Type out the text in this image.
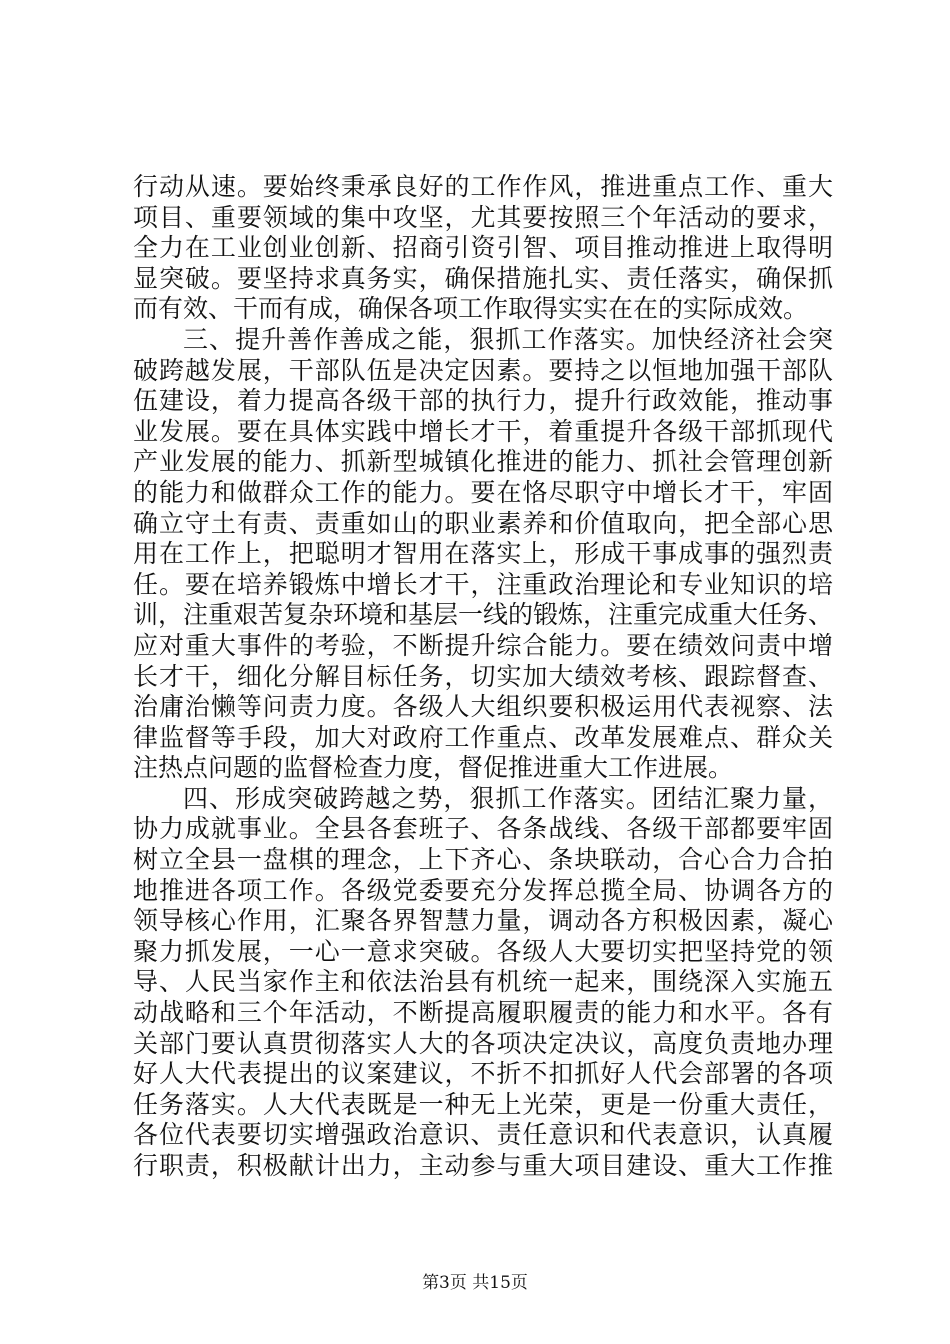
行动从速。要始终秉承良好的工作作风，推进重点工作、重大
项目、重要领域的集中攻坚，尤其要按照三个年活动的要求，
全力在工业创业创新、招商引资引智、项目推动推进上取得明
显突破。要坚持求真务实，确保措施扎实、责任落实，确保抓
而有效、干而有成，确保各项工作取得实实在在的实际成效。
三、提升善作善成之能，狠抓工作落实。加快经济社会突
破跨越发展，干部队伍是决定因素。要持之以恒地加强干部队
伍建设，着力提高各级干部的执行力，提升行政效能，推动事
业发展。要在具体实践中增长才干，着重提升各级干部抓现代
产业发展的能力、抓新型城镇化推进的能力、抓社会管理创新
的能力和做群众工作的能力。要在恪尽职守中增长才干，牢固
确立守土有责、责重如山的职业素养和价值取向，把全部心思
用在工作上，把聪明才智用在落实上，形成干事成事的强烈责
任。要在培养锻炼中增长才干，注重政治理论和专业知识的培
训，注重艰苦复杂环境和基层一线的锻炼，注重完成重大任务、
应对重大事件的考验，不断提升综合能力。要在绩效问责中增
长才干，细化分解目标任务，切实加大绩效考核、跟踪督查、
治庸治懒等问责力度。各级人大组织要积极运用代表视察、法
律监督等手段，加大对政府工作重点、改革发展难点、群众关
注热点问题的监督检查力度，督促推进重大工作进展。
四、形成突破跨越之势，狠抓工作落实。团结汇聚力量，
协力成就事业。全县各套班子、各条战线、各级干部都要牢固
树立全县一盘棋的理念，上下齐心、条块联动，合心合力合拍
地推进各项工作。各级党委要充分发挥总揽全局、协调各方的
领导核心作用，汇聚各界智慧力量，调动各方积极因素，凝心
聚力抓发展，一心一意求突破。各级人大要切实把坚持党的领
导、人民当家作主和依法治县有机统一起来，围绕深入实施五
动战略和三个年活动，不断提高履职履责的能力和水平。各有
关部门要认真贯彻落实人大的各项决定决议，高度负责地办理
好人大代表提出的议案建议，不折不扣抓好人代会部署的各项
任务落实。人大代表既是一种无上光荣，更是一份重大责任，
各位代表要切实增强政治意识、责任意识和代表意识，认真履
行职责，积极献计出力，主动参与重大项目建设、重大工作推
第3页 共15页
